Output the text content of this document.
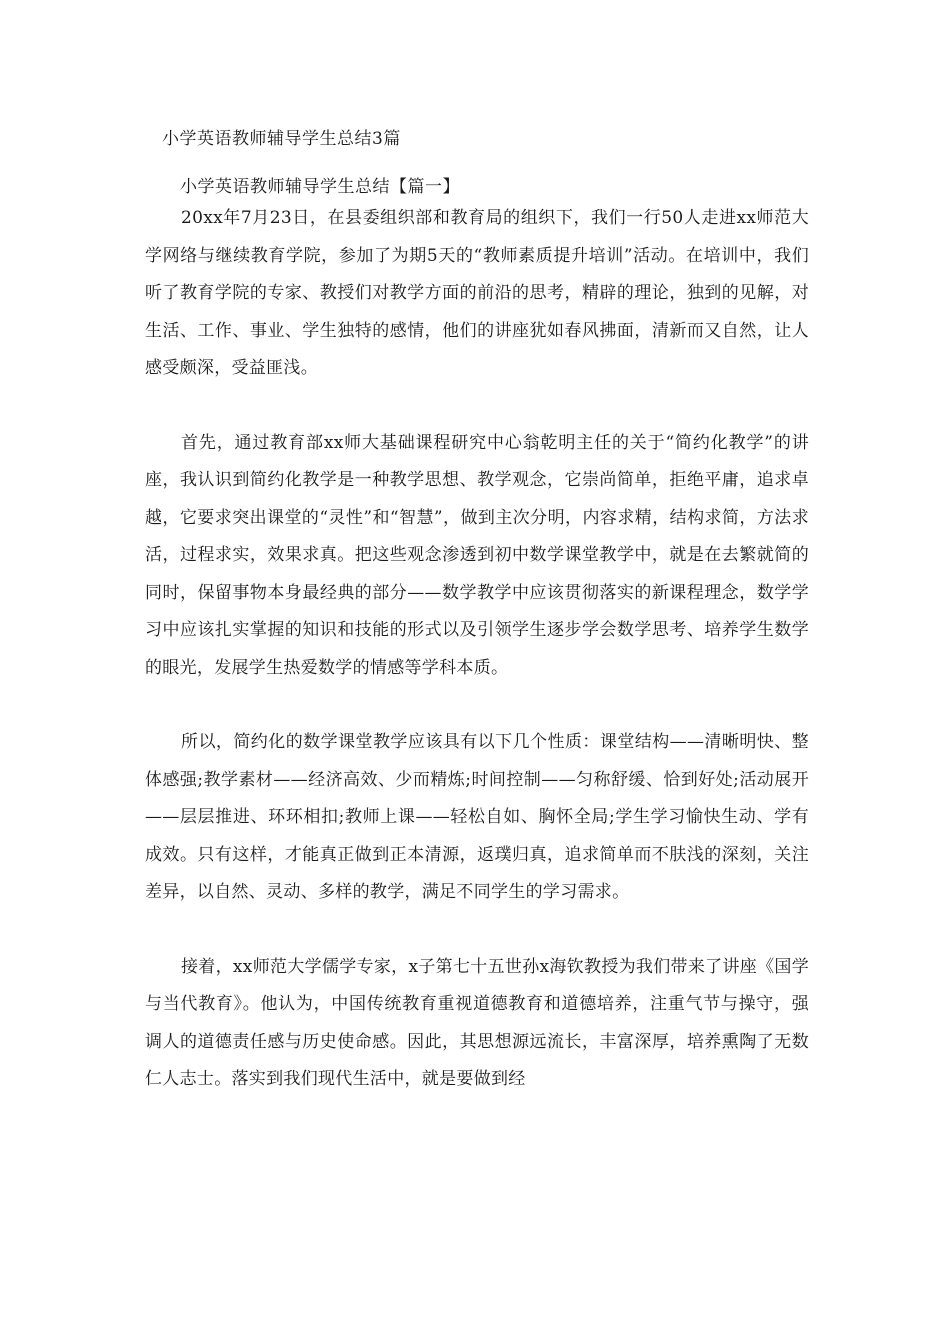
小学英语教师辅导学生总结3篇
小学英语教师辅导学生总结【篇一】

20xx年7月23日，在县委组织部和教育局的组织下，我们一行50人走进xx师范大学网络与继续教育学院，参加了为期5天的“教师素质提升培训”活动。在培训中，我们听了教育学院的专家、教授们对教学方面的前沿的思考，精辟的理论，独到的见解，对生活、工作、事业、学生独特的感情，他们的讲座犹如春风拂面，清新而又自然，让人感受颇深，受益匪浅。

首先，通过教育部xx师大基础课程研究中心翁乾明主任的关于“简约化教学”的讲座，我认识到简约化教学是一种教学思想、教学观念，它崇尚简单，拒绝平庸，追求卓越，它要求突出课堂的“灵性”和“智慧”，做到主次分明，内容求精，结构求简，方法求活，过程求实，效果求真。把这些观念渗透到初中数学课堂教学中，就是在去繁就简的同时，保留事物本身最经典的部分——数学教学中应该贯彻落实的新课程理念，数学学习中应该扎实掌握的知识和技能的形式以及引领学生逐步学会数学思考、培养学生数学的眼光，发展学生热爱数学的情感等学科本质。

所以，简约化的数学课堂教学应该具有以下几个性质：课堂结构——清晰明快、整体感强;教学素材——经济高效、少而精炼;时间控制——匀称舒缓、恰到好处;活动展开——层层推进、环环相扣;教师上课——轻松自如、胸怀全局;学生学习愉快生动、学有成效。只有这样，才能真正做到正本清源，返璞归真，追求简单而不肤浅的深刻，关注差异，以自然、灵动、多样的教学，满足不同学生的学习需求。

接着，xx师范大学儒学专家，x子第七十五世孙x海钦教授为我们带来了讲座《国学与当代教育》。他认为，中国传统教育重视道德教育和道德培养，注重气节与操守，强调人的道德责任感与历史使命感。因此，其思想源远流长，丰富深厚，培养熏陶了无数仁人志士。落实到我们现代生活中，就是要做到经
